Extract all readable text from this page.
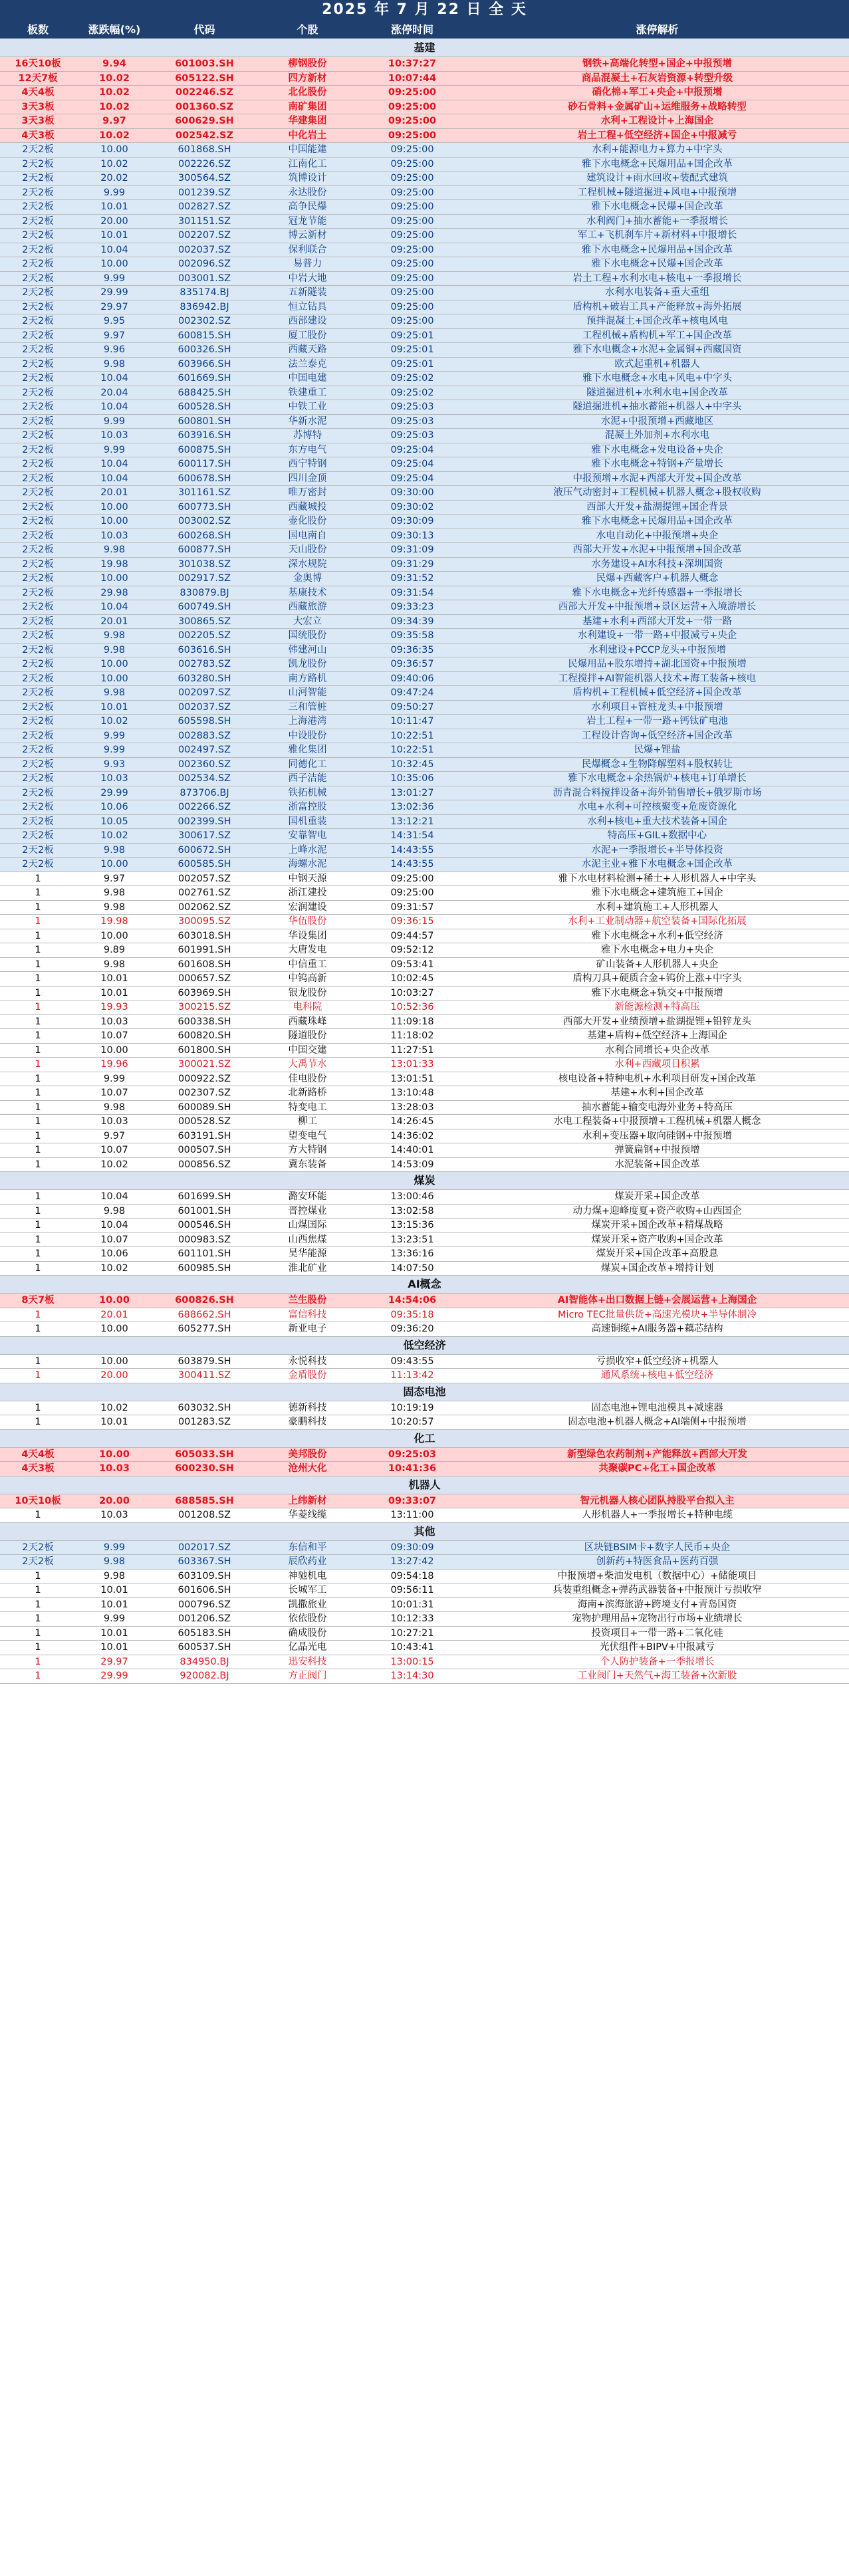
2025 年 7 月 22 日 全 天
板数	涨跌幅(%)	代码	个股	涨停时间	涨停解析
基建
16天10板	9.94	601003.SH	柳钢股份	10:37:27	钢铁+高端化转型+国企+中报预增
12天7板	10.02	605122.SH	四方新材	10:07:44	商品混凝土+石灰岩资源+转型升级
4天4板	10.02	002246.SZ	北化股份	09:25:00	硝化棉+军工+央企+中报预增
3天3板	10.02	001360.SZ	南矿集团	09:25:00	砂石骨料+金属矿山+运维服务+战略转型
3天3板	9.97	600629.SH	华建集团	09:25:00	水利+工程设计+上海国企
4天3板	10.02	002542.SZ	中化岩土	09:25:00	岩土工程+低空经济+国企+中报减亏
2天2板	10.00	601868.SH	中国能建	09:25:00	水利+能源电力+算力+中字头
2天2板	10.02	002226.SZ	江南化工	09:25:00	雅下水电概念+民爆用品+国企改革
2天2板	20.02	300564.SZ	筑博设计	09:25:00	建筑设计+雨水回收+装配式建筑
2天2板	9.99	001239.SZ	永达股份	09:25:00	工程机械+隧道掘进+风电+中报预增
2天2板	10.01	002827.SZ	高争民爆	09:25:00	雅下水电概念+民爆+国企改革
2天2板	20.00	301151.SZ	冠龙节能	09:25:00	水利阀门+抽水蓄能+一季报增长
2天2板	10.01	002207.SZ	博云新材	09:25:00	军工+飞机刹车片+新材料+中报增长
2天2板	10.04	002037.SZ	保利联合	09:25:00	雅下水电概念+民爆用品+国企改革
2天2板	10.00	002096.SZ	易普力	09:25:00	雅下水电概念+民爆+国企改革
2天2板	9.99	003001.SZ	中岩大地	09:25:00	岩土工程+水利水电+核电+一季报增长
2天2板	29.99	835174.BJ	五新隧装	09:25:00	水利水电装备+重大重组
2天2板	29.97	836942.BJ	恒立钻具	09:25:00	盾构机+破岩工具+产能释放+海外拓展
2天2板	9.95	002302.SZ	西部建设	09:25:00	预拌混凝土+国企改革+核电风电
2天2板	9.97	600815.SH	厦工股份	09:25:01	工程机械+盾构机+军工+国企改革
2天2板	9.96	600326.SH	西藏天路	09:25:01	雅下水电概念+水泥+金属铜+西藏国资
2天2板	9.98	603966.SH	法兰泰克	09:25:01	欧式起重机+机器人
2天2板	10.04	601669.SH	中国电建	09:25:02	雅下水电概念+水电+风电+中字头
2天2板	20.04	688425.SH	铁建重工	09:25:02	隧道掘进机+水利水电+国企改革
2天2板	10.04	600528.SH	中铁工业	09:25:03	隧道掘进机+抽水蓄能+机器人+中字头
2天2板	9.99	600801.SH	华新水泥	09:25:03	水泥+中报预增+西藏地区
2天2板	10.03	603916.SH	苏博特	09:25:03	混凝土外加剂+水利水电
2天2板	9.99	600875.SH	东方电气	09:25:04	雅下水电概念+发电设备+央企
2天2板	10.04	600117.SH	西宁特钢	09:25:04	雅下水电概念+特钢+产量增长
2天2板	10.04	600678.SH	四川金顶	09:25:04	中报预增+水泥+西部大开发+国企改革
2天2板	20.01	301161.SZ	唯万密封	09:30:00	液压气动密封+工程机械+机器人概念+股权收购
2天2板	10.00	600773.SH	西藏城投	09:30:02	西部大开发+盐湖提锂+国企背景
2天2板	10.00	003002.SZ	壶化股份	09:30:09	雅下水电概念+民爆用品+国企改革
2天2板	10.03	600268.SH	国电南自	09:30:13	水电自动化+中报预增+央企
2天2板	9.98	600877.SH	天山股份	09:31:09	西部大开发+水泥+中报预增+国企改革
2天2板	19.98	301038.SZ	深水规院	09:31:29	水务建设+AI水科技+深圳国资
2天2板	10.00	002917.SZ	金奥博	09:31:52	民爆+西藏客户+机器人概念
2天2板	29.98	830879.BJ	基康技术	09:31:54	雅下水电概念+光纤传感器+一季报增长
2天2板	10.04	600749.SH	西藏旅游	09:33:23	西部大开发+中报预增+景区运营+入境游增长
2天2板	20.01	300865.SZ	大宏立	09:34:39	基建+水利+西部大开发+一带一路
2天2板	9.98	002205.SZ	国统股份	09:35:58	水利建设+一带一路+中报减亏+央企
2天2板	9.98	603616.SH	韩建河山	09:36:35	水利建设+PCCP龙头+中报预增
2天2板	10.00	002783.SZ	凯龙股份	09:36:57	民爆用品+股东增持+湖北国资+中报预增
2天2板	10.00	603280.SH	南方路机	09:40:06	工程搅拌+AI智能机器人技术+海工装备+核电
2天2板	9.98	002097.SZ	山河智能	09:47:24	盾构机+工程机械+低空经济+国企改革
2天2板	10.01	002037.SZ	三和管桩	09:50:27	水利项目+管桩龙头+中报预增
2天2板	10.02	605598.SH	上海港湾	10:11:47	岩土工程+一带一路+钙钛矿电池
2天2板	9.99	002883.SZ	中设股份	10:22:51	工程设计咨询+低空经济+国企改革
2天2板	9.99	002497.SZ	雅化集团	10:22:51	民爆+锂盐
2天2板	9.93	002360.SZ	同德化工	10:32:45	民爆概念+生物降解塑料+股权转让
2天2板	10.03	002534.SZ	西子洁能	10:35:06	雅下水电概念+余热锅炉+核电+订单增长
2天2板	29.99	873706.BJ	铁拓机械	13:01:27	沥青混合料搅拌设备+海外销售增长+俄罗斯市场
2天2板	10.06	002266.SZ	浙富控股	13:02:36	水电+水利+可控核聚变+危废资源化
2天2板	10.05	002399.SH	国机重装	13:12:21	水利+核电+重大技术装备+国企
2天2板	10.02	300617.SZ	安靠智电	14:31:54	特高压+GIL+数据中心
2天2板	9.98	600672.SH	上峰水泥	14:43:55	水泥+一季报增长+半导体投资
2天2板	10.00	600585.SH	海螺水泥	14:43:55	水泥主业+雅下水电概念+国企改革
1	9.97	002057.SZ	中钢天源	09:25:00	雅下水电材料检测+稀土+人形机器人+中字头
1	9.98	002761.SZ	浙江建投	09:25:00	雅下水电概念+建筑施工+国企
1	9.98	002062.SZ	宏润建设	09:31:57	水利+建筑施工+人形机器人
1	19.98	300095.SZ	华伍股份	09:36:15	水利+工业制动器+航空装备+国际化拓展
1	10.00	603018.SH	华设集团	09:44:57	雅下水电概念+水利+低空经济
1	9.89	601991.SH	大唐发电	09:52:12	雅下水电概念+电力+央企
1	9.98	601608.SH	中信重工	09:53:41	矿山装备+人形机器人+央企
1	10.01	000657.SZ	中钨高新	10:02:45	盾构刀具+硬质合金+钨价上涨+中字头
1	10.01	603969.SH	银龙股份	10:03:27	雅下水电概念+轨交+中报预增
1	19.93	300215.SZ	电科院	10:52:36	新能源检测+特高压
1	10.03	600338.SH	西藏珠峰	11:09:18	西部大开发+业绩预增+盐湖提锂+铅锌龙头
1	10.07	600820.SH	隧道股份	11:18:02	基建+盾构+低空经济+上海国企
1	10.00	601800.SH	中国交建	11:27:51	水利合同增长+央企改革
1	19.96	300021.SZ	大禹节水	13:01:33	水利+西藏项目积累
1	9.99	000922.SZ	佳电股份	13:01:51	核电设备+特种电机+水利项目研发+国企改革
1	10.07	002307.SZ	北新路桥	13:10:48	基建+水利+国企改革
1	9.98	600089.SH	特变电工	13:28:03	抽水蓄能+输变电海外业务+特高压
1	10.03	000528.SZ	柳工	14:26:45	水电工程装备+中报预增+工程机械+机器人概念
1	9.97	603191.SH	望变电气	14:36:02	水利+变压器+取向硅钢+中报预增
1	10.07	000507.SH	方大特钢	14:40:01	弹簧扁钢+中报预增
1	10.02	000856.SZ	冀东装备	14:53:09	水泥装备+国企改革
煤炭
1	10.04	601699.SH	潞安环能	13:00:46	煤炭开采+国企改革
1	9.98	601001.SH	晋控煤业	13:02:58	动力煤+迎峰度夏+资产收购+山西国企
1	10.04	000546.SH	山煤国际	13:15:36	煤炭开采+国企改革+精煤战略
1	10.07	000983.SZ	山西焦煤	13:23:51	煤炭开采+资产收购+国企改革
1	10.06	601101.SH	昊华能源	13:36:16	煤炭开采+国企改革+高股息
1	10.02	600985.SH	淮北矿业	14:07:50	煤炭+国企改革+增持计划
AI概念
8天7板	10.00	600826.SH	兰生股份	14:54:06	AI智能体+出口数据上链+会展运营+上海国企
1	20.01	688662.SH	富信科技	09:35:18	Micro TEC批量供货+高速光模块+半导体制冷
1	10.00	605277.SH	新亚电子	09:36:20	高速铜缆+AI服务器+藕芯结构
低空经济
1	10.00	603879.SH	永悦科技	09:43:55	亏损收窄+低空经济+机器人
1	20.00	300411.SZ	金盾股份	11:13:42	通风系统+核电+低空经济
固态电池
1	10.02	603032.SH	德新科技	10:19:19	固态电池+锂电池模具+减速器
1	10.01	001283.SZ	豪鹏科技	10:20:57	固态电池+机器人概念+AI端侧+中报预增
化工
4天4板	10.00	605033.SH	美邦股份	09:25:03	新型绿色农药制剂+产能释放+西部大开发
4天3板	10.03	600230.SH	沧州大化	10:41:36	共聚碳PC+化工+国企改革
机器人
10天10板	20.00	688585.SH	上纬新材	09:33:07	智元机器人核心团队持股平台拟入主
1	10.03	001208.SZ	华菱线缆	13:11:00	人形机器人+一季报增长+特种电缆
其他
2天2板	9.99	002017.SZ	东信和平	09:30:09	区块链BSIM卡+数字人民币+央企
2天2板	9.98	603367.SH	辰欣药业	13:27:42	创新药+特医食品+医药百强
1	9.98	603109.SH	神驰机电	09:54:18	中报预增+柴油发电机（数据中心）+储能项目
1	10.01	601606.SH	长城军工	09:56:11	兵装重组概念+弹药武器装备+中报预计亏损收窄
1	10.01	000796.SZ	凯撒旅业	10:01:31	海南+滨海旅游+跨境支付+青岛国资
1	9.99	001206.SZ	依依股份	10:12:33	宠物护理用品+宠物出行市场+业绩增长
1	10.01	605183.SH	确成股份	10:27:21	投资项目+一带一路+二氧化硅
1	10.01	600537.SH	亿晶光电	10:43:41	光伏组件+BIPV+中报减亏
1	29.97	834950.BJ	迅安科技	13:00:15	个人防护装备+一季报增长
1	29.99	920082.BJ	方正阀门	13:14:30	工业阀门+天然气+海工装备+次新股
